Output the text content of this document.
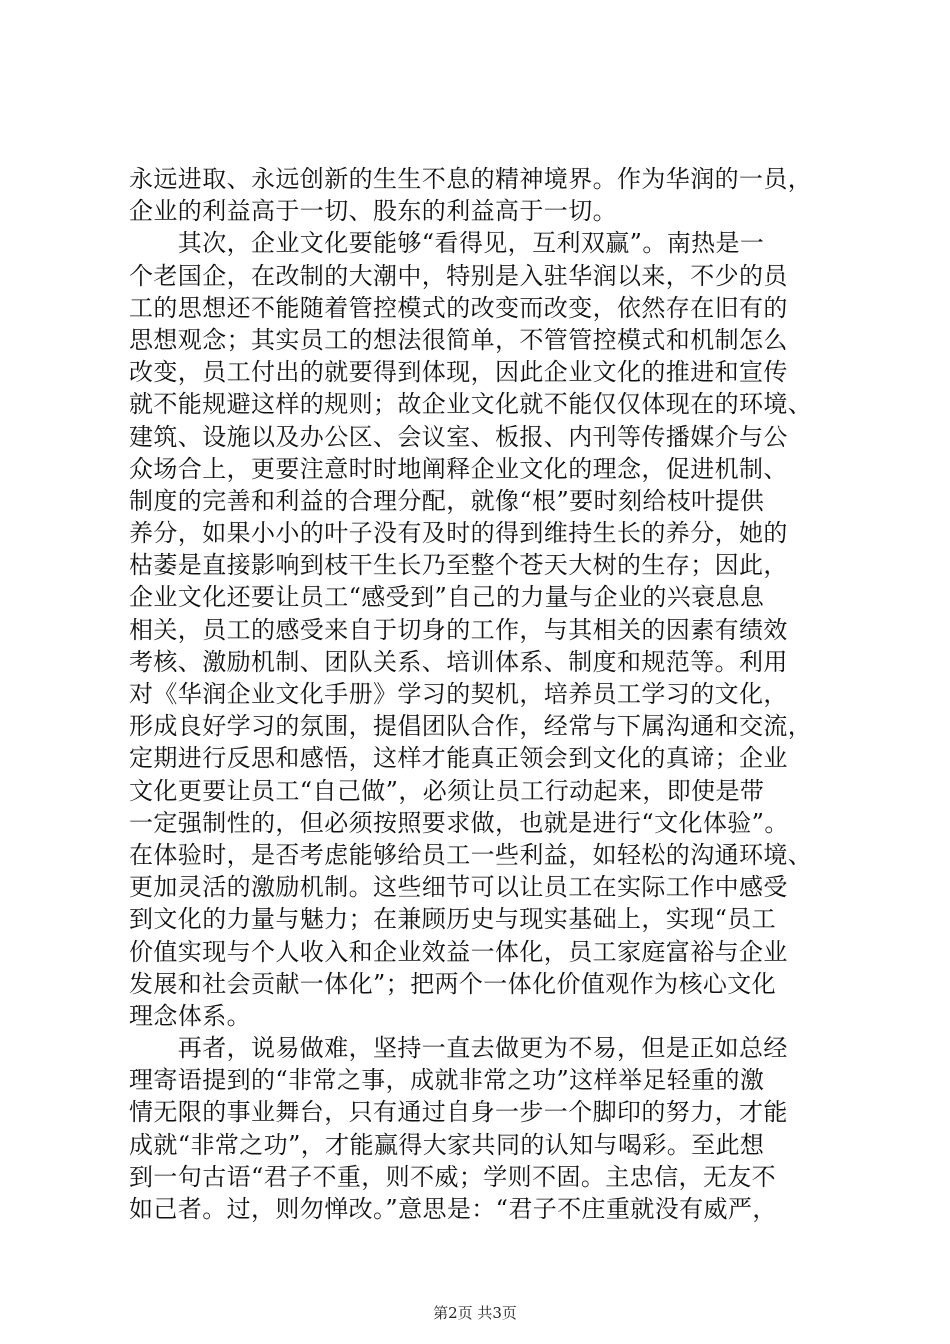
永远进取、永远创新的生生不息的精神境界。作为华润的一员，
企业的利益高于一切、股东的利益高于一切。
　　其次，企业文化要能够“看得见，互利双赢”。南热是一
个老国企，在改制的大潮中，特别是入驻华润以来，不少的员
工的思想还不能随着管控模式的改变而改变，依然存在旧有的
思想观念；其实员工的想法很简单，不管管控模式和机制怎么
改变，员工付出的就要得到体现，因此企业文化的推进和宣传
就不能规避这样的规则；故企业文化就不能仅仅体现在的环境、
建筑、设施以及办公区、会议室、板报、内刊等传播媒介与公
众场合上，更要注意时时地阐释企业文化的理念，促进机制、
制度的完善和利益的合理分配，就像“根”要时刻给枝叶提供
养分，如果小小的叶子没有及时的得到维持生长的养分，她的
枯萎是直接影响到枝干生长乃至整个苍天大树的生存；因此，
企业文化还要让员工“感受到”自己的力量与企业的兴衰息息
相关，员工的感受来自于切身的工作，与其相关的因素有绩效
考核、激励机制、团队关系、培训体系、制度和规范等。利用
对《华润企业文化手册》学习的契机，培养员工学习的文化，
形成良好学习的氛围，提倡团队合作，经常与下属沟通和交流，
定期进行反思和感悟，这样才能真正领会到文化的真谛；企业
文化更要让员工“自己做”，必须让员工行动起来，即使是带
一定强制性的，但必须按照要求做，也就是进行“文化体验”。
在体验时，是否考虑能够给员工一些利益，如轻松的沟通环境、
更加灵活的激励机制。这些细节可以让员工在实际工作中感受
到文化的力量与魅力；在兼顾历史与现实基础上，实现“员工
价值实现与个人收入和企业效益一体化，员工家庭富裕与企业
发展和社会贡献一体化”；把两个一体化价值观作为核心文化
理念体系。
　　再者，说易做难，坚持一直去做更为不易，但是正如总经
理寄语提到的“非常之事，成就非常之功”这样举足轻重的激
情无限的事业舞台，只有通过自身一步一个脚印的努力，才能
成就“非常之功”，才能赢得大家共同的认知与喝彩。至此想
到一句古语“君子不重，则不威；学则不固。主忠信，无友不
如己者。过，则勿惮改。”意思是：“君子不庄重就没有威严，
第2页 共3页
